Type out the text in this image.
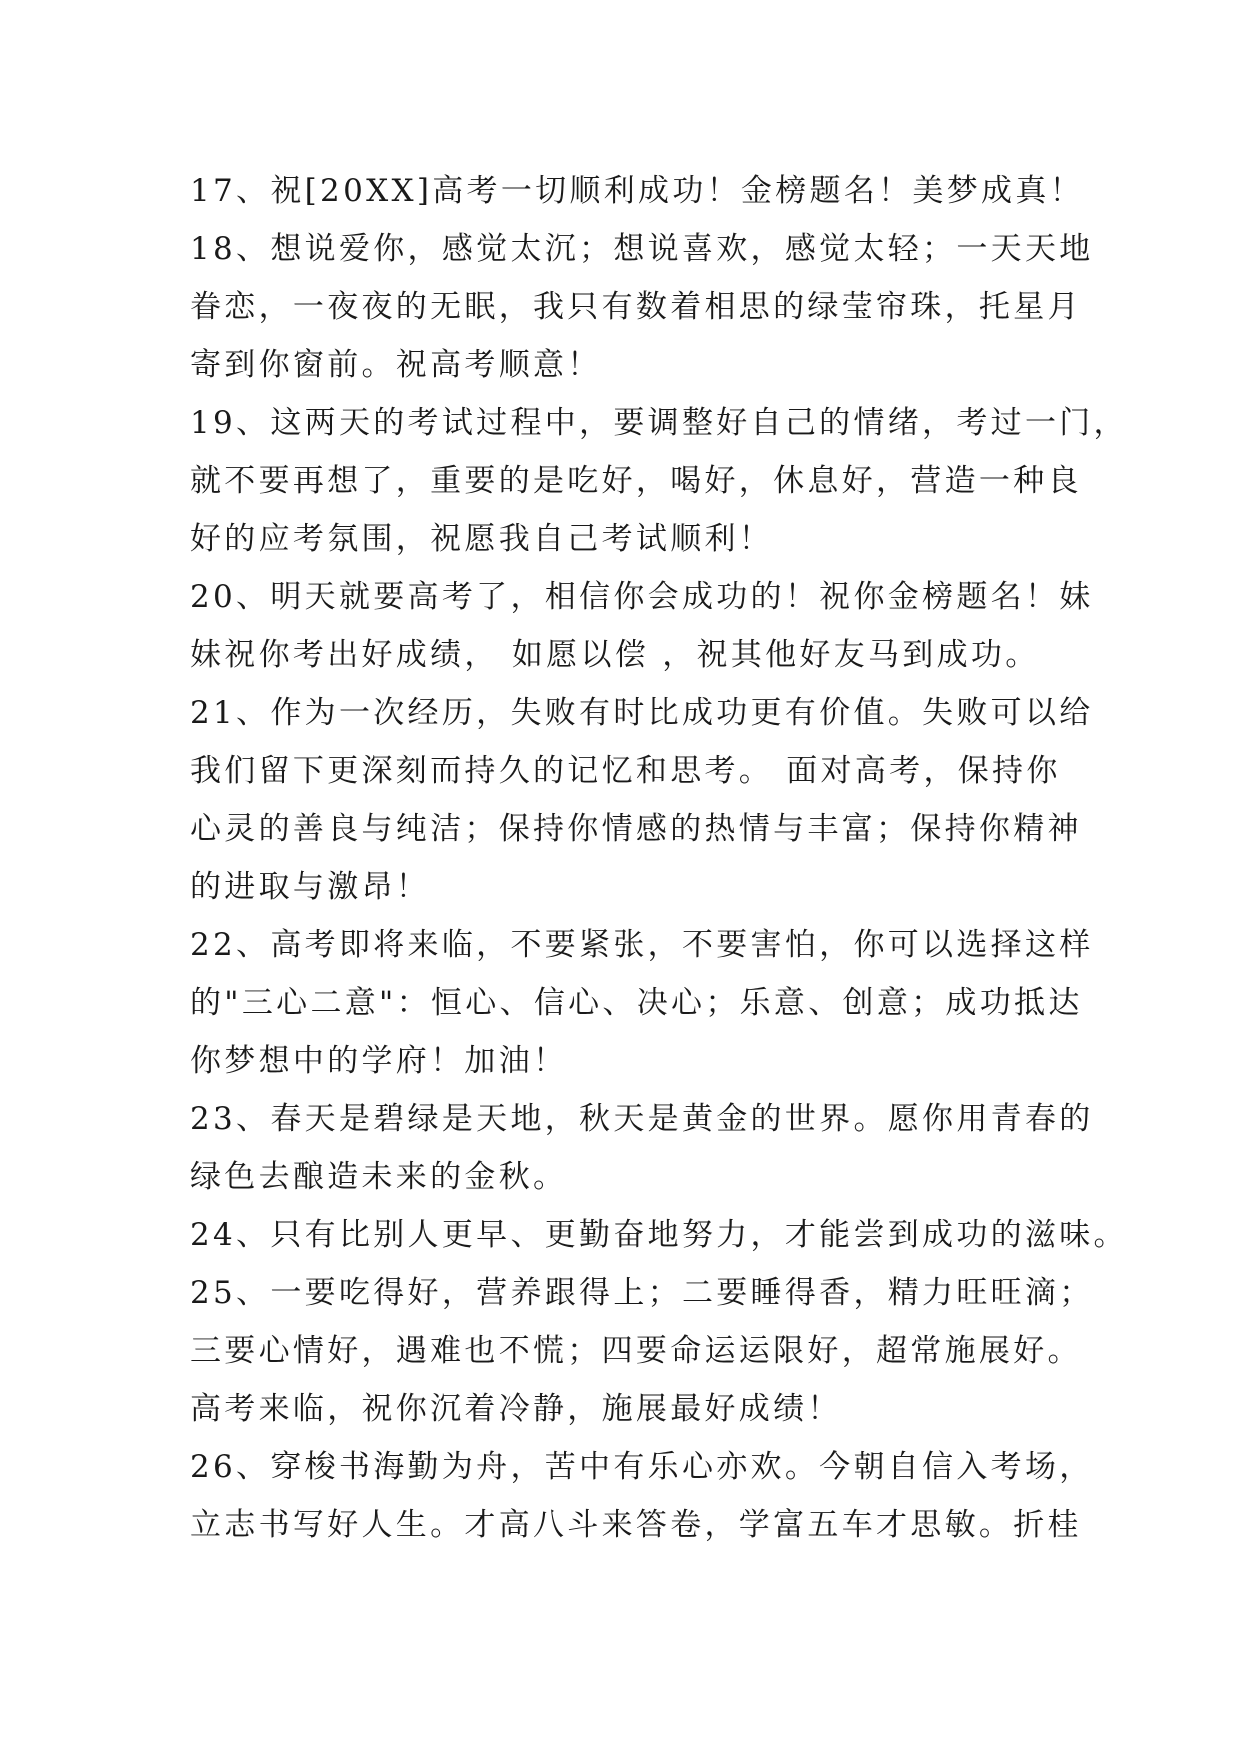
17、祝[20XX]高考一切顺利成功！金榜题名！美梦成真！
18、想说爱你，感觉太沉；想说喜欢，感觉太轻；一天天地
眷恋，一夜夜的无眠，我只有数着相思的绿莹帘珠，托星月
寄到你窗前。祝高考顺意！
19、这两天的考试过程中，要调整好自己的情绪，考过一门，
就不要再想了，重要的是吃好，喝好，休息好，营造一种良
好的应考氛围，祝愿我自己考试顺利！
20、明天就要高考了，相信你会成功的！祝你金榜题名！妹
妹祝你考出好成绩， 如愿以偿 ，祝其他好友马到成功。
21、作为一次经历，失败有时比成功更有价值。失败可以给
我们留下更深刻而持久的记忆和思考。 面对高考，保持你
心灵的善良与纯洁；保持你情感的热情与丰富；保持你精神
的进取与激昂！
22、高考即将来临，不要紧张，不要害怕，你可以选择这样
的"三心二意"：恒心、信心、决心；乐意、创意；成功抵达
你梦想中的学府！加油！
23、春天是碧绿是天地，秋天是黄金的世界。愿你用青春的
绿色去酿造未来的金秋。
24、只有比别人更早、更勤奋地努力，才能尝到成功的滋味。
25、一要吃得好，营养跟得上；二要睡得香，精力旺旺滴；
三要心情好，遇难也不慌；四要命运运限好，超常施展好。
高考来临，祝你沉着冷静，施展最好成绩！
26、穿梭书海勤为舟，苦中有乐心亦欢。今朝自信入考场，
立志书写好人生。才高八斗来答卷，学富五车才思敏。折桂
